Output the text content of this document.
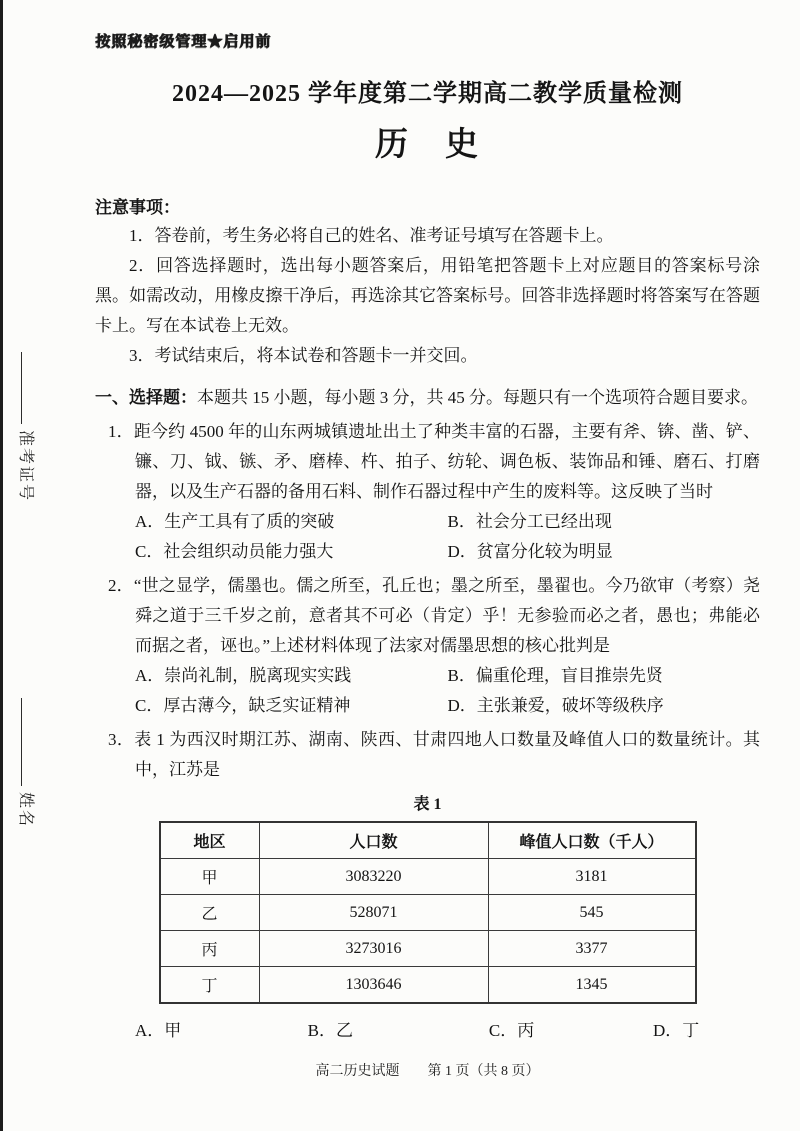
准考证号
姓名
按照秘密级管理★启用前
2024—2025 学年度第二学期高二教学质量检测
历　史
注意事项：

1．答卷前，考生务必将自己的姓名、准考证号填写在答题卡上。

2．回答选择题时，选出每小题答案后，用铅笔把答题卡上对应题目的答案标号涂黑。如需改动，用橡皮擦干净后，再选涂其它答案标号。回答非选择题时将答案写在答题卡上。写在本试卷上无效。

3．考试结束后，将本试卷和答题卡一并交回。

一、选择题：本题共 15 小题，每小题 3 分，共 45 分。每题只有一个选项符合题目要求。

1．距今约 4500 年的山东两城镇遗址出土了种类丰富的石器，主要有斧、锛、凿、铲、镰、刀、钺、镞、矛、磨棒、杵、拍子、纺轮、调色板、装饰品和锤、磨石、打磨器，以及生产石器的备用石料、制作石器过程中产生的废料等。这反映了当时

A．生产工具有了质的突破	B．社会分工已经出现
C．社会组织动员能力强大	D．贫富分化较为明显

2．“世之显学，儒墨也。儒之所至，孔丘也；墨之所至，墨翟也。今乃欲审（考察）尧舜之道于三千岁之前，意者其不可必（肯定）乎！无参验而必之者，愚也；弗能必而据之者，诬也。”上述材料体现了法家对儒墨思想的核心批判是

A．崇尚礼制，脱离现实实践	B．偏重伦理，盲目推崇先贤
C．厚古薄今，缺乏实证精神	D．主张兼爱，破坏等级秩序

3．表 1 为西汉时期江苏、湖南、陕西、甘肃四地人口数量及峰值人口的数量统计。其中，江苏是

表 1
地区	人口数	峰值人口数（千人）
甲	3083220	3181
乙	528071	545
丙	3273016	3377
丁	1303646	1345
A．甲	B．乙	C．丙	D．丁
高二历史试题　　第 1 页（共 8 页）
